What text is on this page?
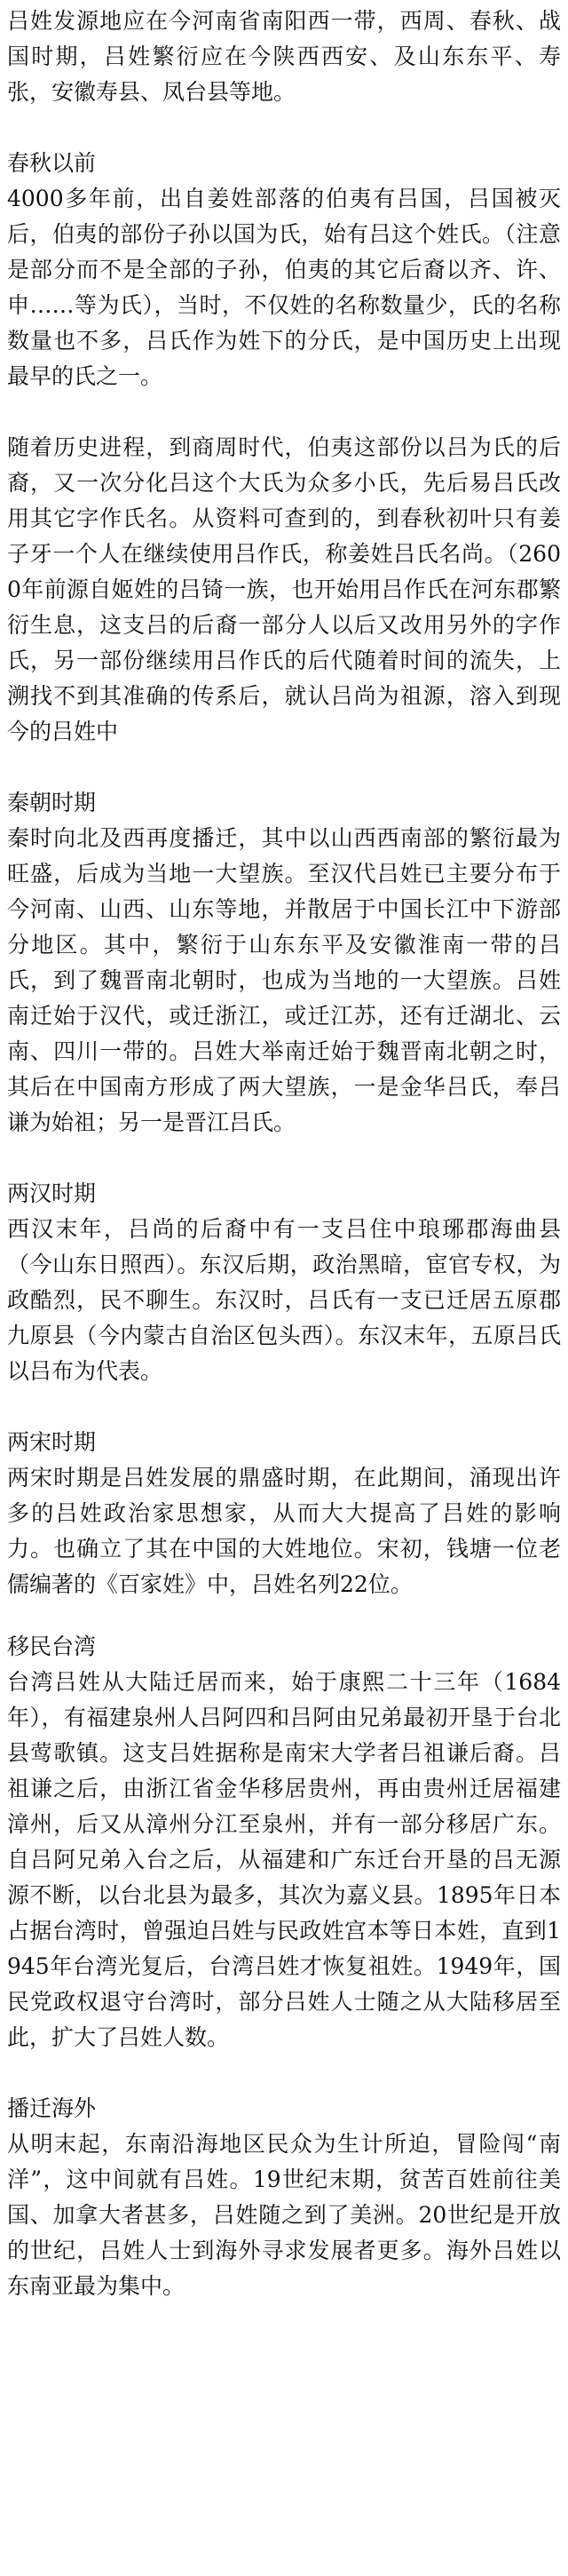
吕姓发源地应在今河南省南阳西一带，西周、春秋、战国时期，吕姓繁衍应在今陕西西安、及山东东平、寿张，安徽寿县、凤台县等地。

春秋以前

4000多年前，出自姜姓部落的伯夷有吕国，吕国被灭后，伯夷的部份子孙以国为氏，始有吕这个姓氏。（注意是部分而不是全部的子孙，伯夷的其它后裔以齐、许、申……等为氏），当时，不仅姓的名称数量少，氏的名称数量也不多，吕氏作为姓下的分氏，是中国历史上出现最早的氏之一。

随着历史进程，到商周时代，伯夷这部份以吕为氏的后裔，又一次分化吕这个大氏为众多小氏，先后易吕氏改用其它字作氏名。从资料可查到的，到春秋初叶只有姜子牙一个人在继续使用吕作氏，称姜姓吕氏名尚。（2600年前源自姬姓的吕锜一族，也开始用吕作氏在河东郡繁衍生息，这支吕的后裔一部分人以后又改用另外的字作氏，另一部份继续用吕作氏的后代随着时间的流失，上溯找不到其准确的传系后，就认吕尚为祖源，溶入到现今的吕姓中

秦朝时期

秦时向北及西再度播迁，其中以山西西南部的繁衍最为旺盛，后成为当地一大望族。至汉代吕姓已主要分布于今河南、山西、山东等地，并散居于中国长江中下游部分地区。其中，繁衍于山东东平及安徽淮南一带的吕氏，到了魏晋南北朝时，也成为当地的一大望族。吕姓南迁始于汉代，或迁浙江，或迁江苏，还有迁湖北、云南、四川一带的。吕姓大举南迁始于魏晋南北朝之时，其后在中国南方形成了两大望族，一是金华吕氏，奉吕谦为始祖；另一是晋江吕氏。

两汉时期

西汉末年，吕尚的后裔中有一支吕住中琅琊郡海曲县（今山东日照西）。东汉后期，政治黑暗，宦官专权，为政酷烈，民不聊生。东汉时，吕氏有一支已迁居五原郡九原县（今内蒙古自治区包头西）。东汉末年，五原吕氏以吕布为代表。

两宋时期

两宋时期是吕姓发展的鼎盛时期，在此期间，涌现出许多的吕姓政治家思想家，从而大大提高了吕姓的影响力。也确立了其在中国的大姓地位。宋初，钱塘一位老儒编著的《百家姓》中，吕姓名列22位。

移民台湾

台湾吕姓从大陆迁居而来，始于康熙二十三年（1684年），有福建泉州人吕阿四和吕阿由兄弟最初开垦于台北县莺歌镇。这支吕姓据称是南宋大学者吕祖谦后裔。吕祖谦之后，由浙江省金华移居贵州，再由贵州迁居福建漳州，后又从漳州分江至泉州，并有一部分移居广东。自吕阿兄弟入台之后，从福建和广东迁台开垦的吕无源源不断，以台北县为最多，其次为嘉义县。1895年日本占据台湾时，曾强迫吕姓与民政姓宫本等日本姓，直到1945年台湾光复后，台湾吕姓才恢复祖姓。1949年，国民党政权退守台湾时，部分吕姓人士随之从大陆移居至此，扩大了吕姓人数。

播迁海外

从明末起，东南沿海地区民众为生计所迫，冒险闯“南洋”，这中间就有吕姓。19世纪末期，贫苦百姓前往美国、加拿大者甚多，吕姓随之到了美洲。20世纪是开放的世纪，吕姓人士到海外寻求发展者更多。海外吕姓以东南亚最为集中。
